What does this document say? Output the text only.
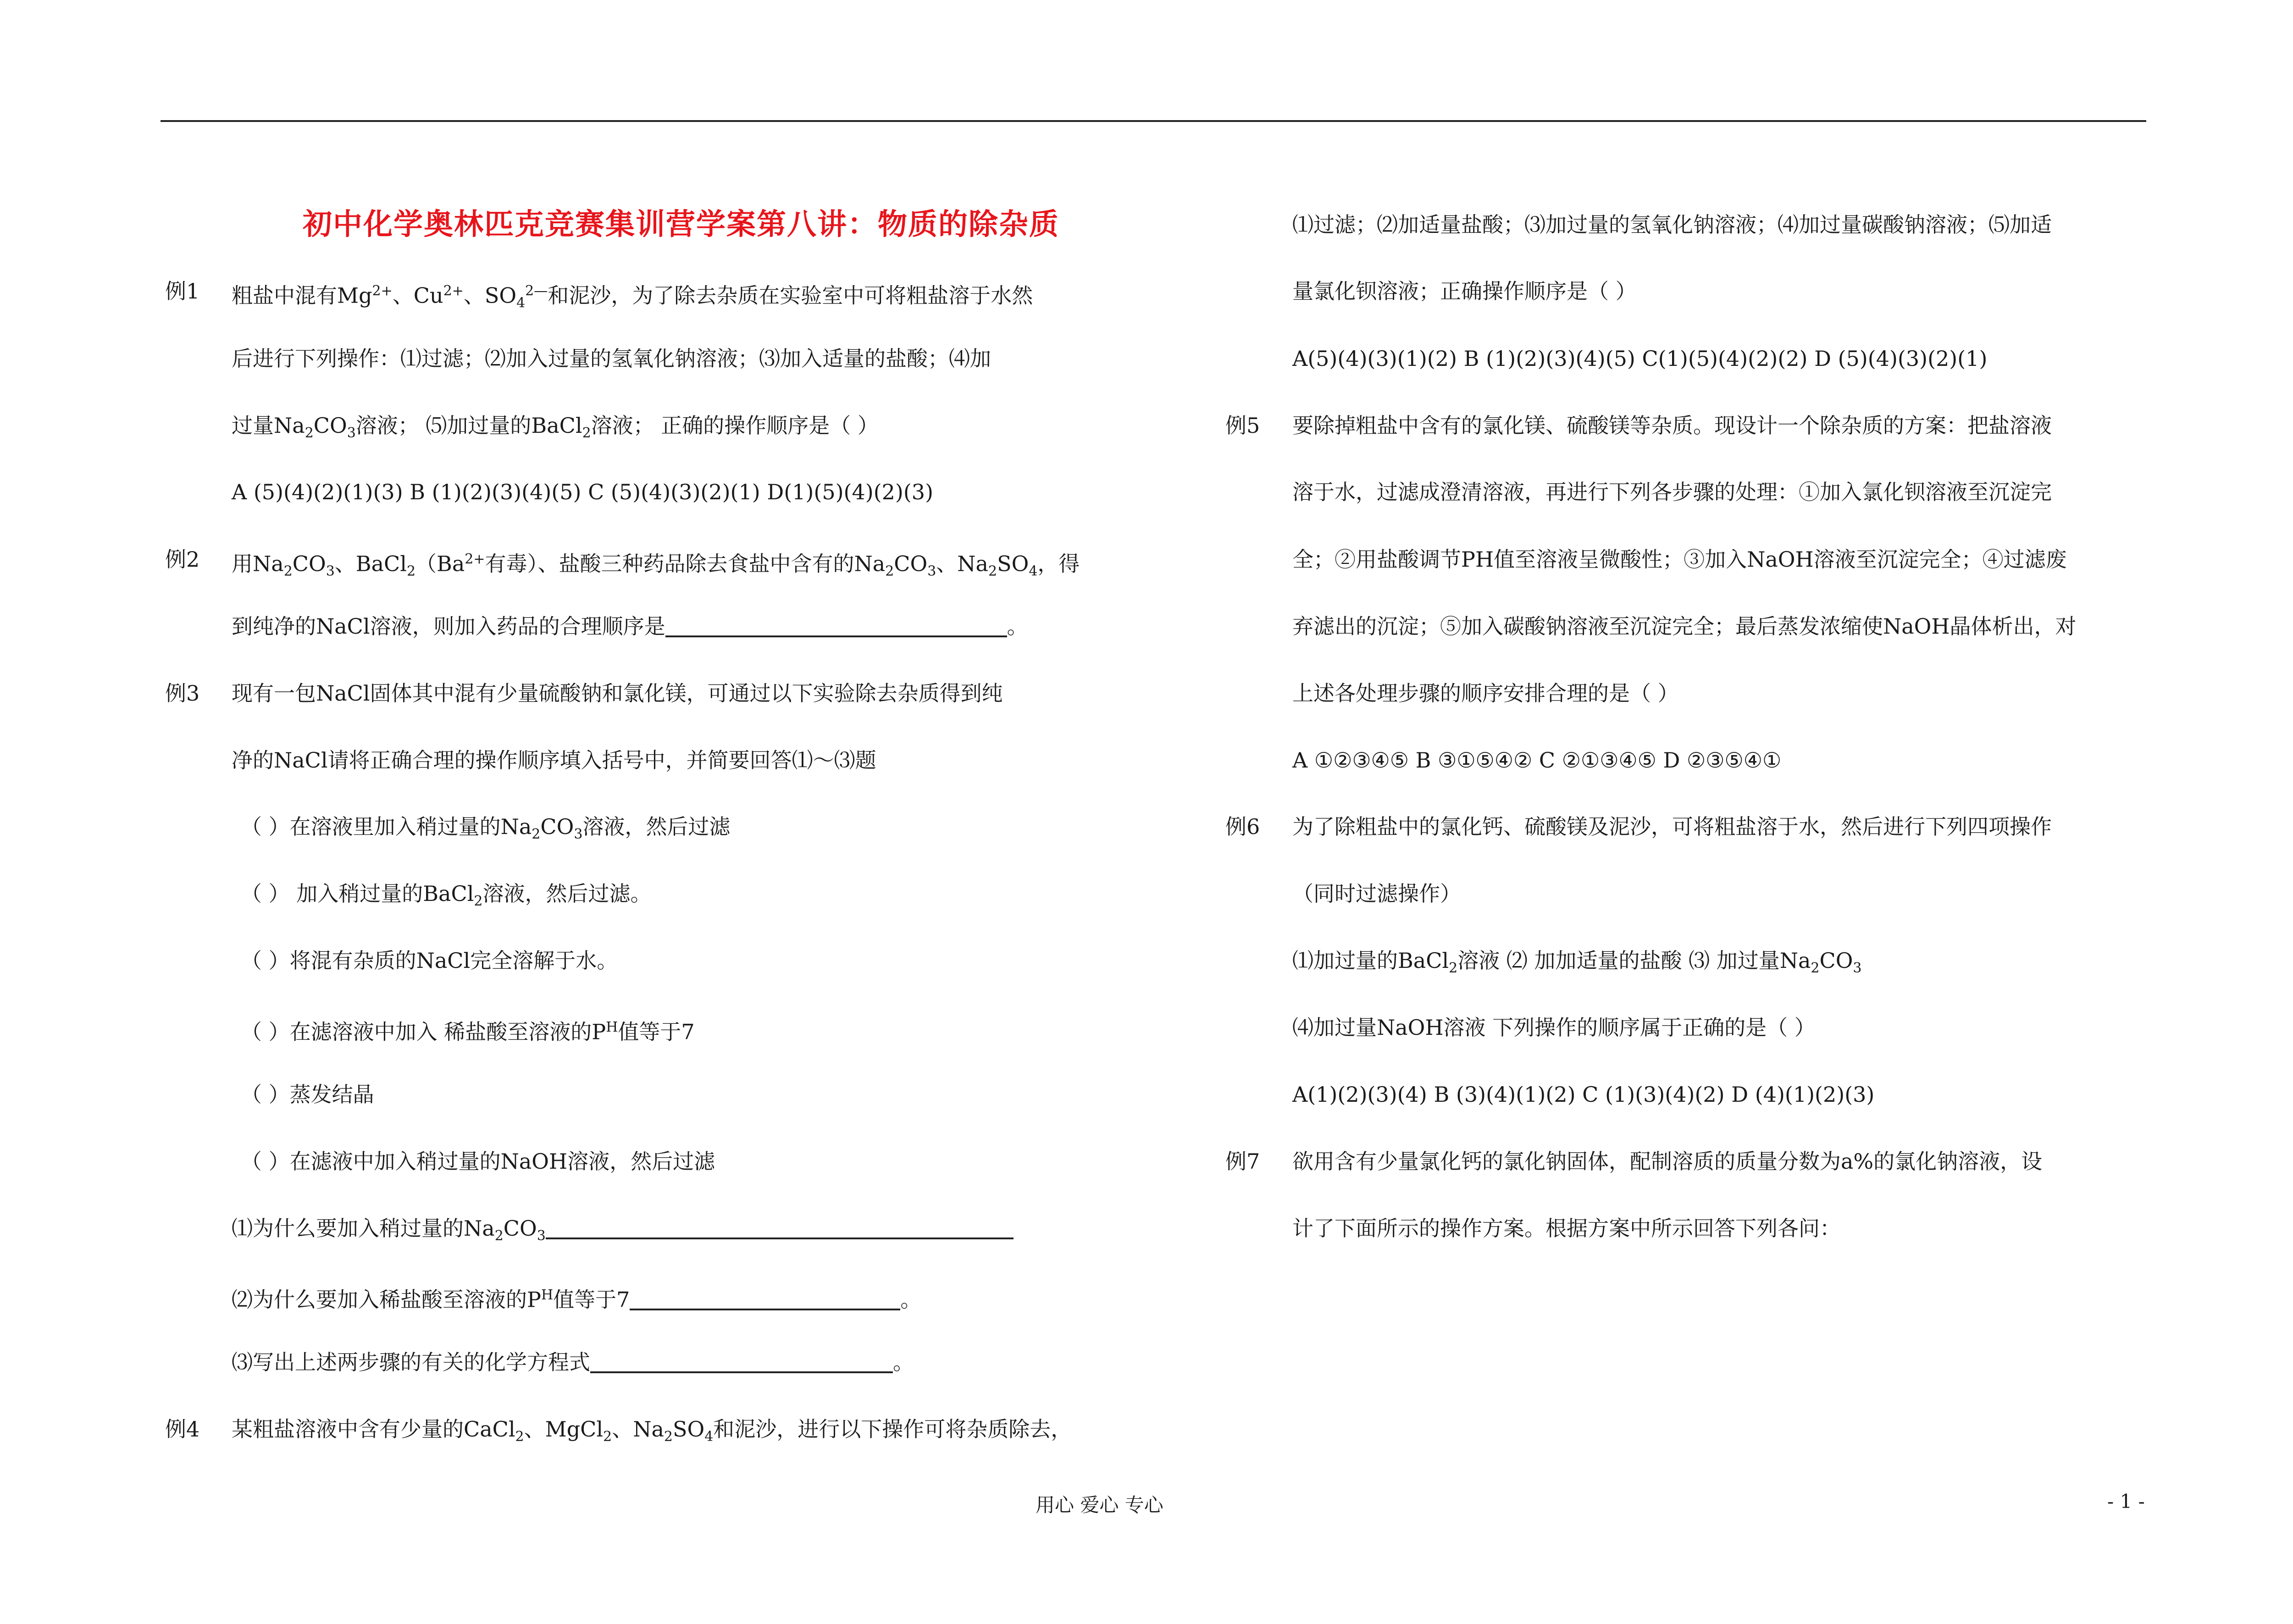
初中化学奥林匹克竞赛集训营学案第八讲：物质的除杂质
例1 粗盐中混有$Mg^{2+}$、$Cu^{2+}$、$SO_4^{2—}$和泥沙，为了除去杂质在实验室中可将粗盐溶于水然
后进行下列操作：⑴过滤；⑵加入过量的氢氧化钠溶液；⑶加入适量的盐酸；⑷加
过量$Na_2CO_3$溶液； ⑸加过量的BaCl$_2$溶液； 正确的操作顺序是（ ）
A (5)(4)(2)(1)(3) B (1)(2)(3)(4)(5) C (5)(4)(3)(2)(1) D(1)(5)(4)(2)(3)
例2 用$Na_2CO_3$、$BaCl_2(Ba^{2+}$有毒）、盐酸三种药品除去食盐中含有的$Na_2CO_3$、$Na_2SO_4$，得
到纯净的NaCl溶液，则加入药品的合理顺序是	。
例3 现有一包NaCl固体其中混有少量硫酸钠和氯化镁，可通过以下实验除去杂质得到纯
净的NaCl请将正确合理的操作顺序填入括号中，并简要回答⑴～⑶题
（ ）在溶液里加入稍过量的$Na_2CO_3$溶液，然后过滤
（ ） 加入稍过量的BaCl$_2$溶液，然后过滤。
（ ）将混有杂质的NaCl完全溶解于水。
（ ）在滤溶液中加入 稀盐酸至溶液的$P^H$值等于7
（ ）蒸发结晶
（ ）在滤液中加入稍过量的NaOH溶液，然后过滤
⑴为什么要加入稍过量的$Na_2CO_3$
⑵为什么要加入稀盐酸至溶液的$P^H$值等于7	。
⑶写出上述两步骤的有关的化学方程式	。
例4 某粗盐溶液中含有少量的CaCl$_2$、MgCl$_2$、$Na_2SO_4$和泥沙，进行以下操作可将杂质除去，
⑴过滤；⑵加适量盐酸；⑶加过量的氢氧化钠溶液；⑷加过量碳酸钠溶液；⑸加适
量氯化钡溶液；正确操作顺序是（ ）
A(5)(4)(3)(1)(2) B (1)(2)(3)(4)(5) C(1)(5)(4)(2)(2) D (5)(4)(3)(2)(1)
例5 要除掉粗盐中含有的氯化镁、硫酸镁等杂质。现设计一个除杂质的方案：把盐溶液
溶于水，过滤成澄清溶液，再进行下列各步骤的处理：①加入氯化钡溶液至沉淀完
全；②用盐酸调节PH值至溶液呈微酸性；③加入NaOH溶液至沉淀完全；④过滤废
弃滤出的沉淀；⑤加入碳酸钠溶液至沉淀完全；最后蒸发浓缩使NaOH晶体析出，对
上述各处理步骤的顺序安排合理的是（ ）
A ①②③④⑤ B ③①⑤④② C ②①③④⑤ D ②③⑤④①
例6 为了除粗盐中的氯化钙、硫酸镁及泥沙，可将粗盐溶于水，然后进行下列四项操作
（同时过滤操作）
⑴加过量的BaCl$_2$溶液 ⑵ 加加适量的盐酸 ⑶ 加过量$Na_2CO_3$
⑷加过量NaOH溶液 下列操作的顺序属于正确的是（ ）
A(1)(2)(3)(4) B (3)(4)(1)(2) C (1)(3)(4)(2) D (4)(1)(2)(3)
例7 欲用含有少量氯化钙的氯化钠固体，配制溶质的质量分数为a%的氯化钠溶液，设
计了下面所示的操作方案。根据方案中所示回答下列各问：
用心 爱心 专心	- 1 -
